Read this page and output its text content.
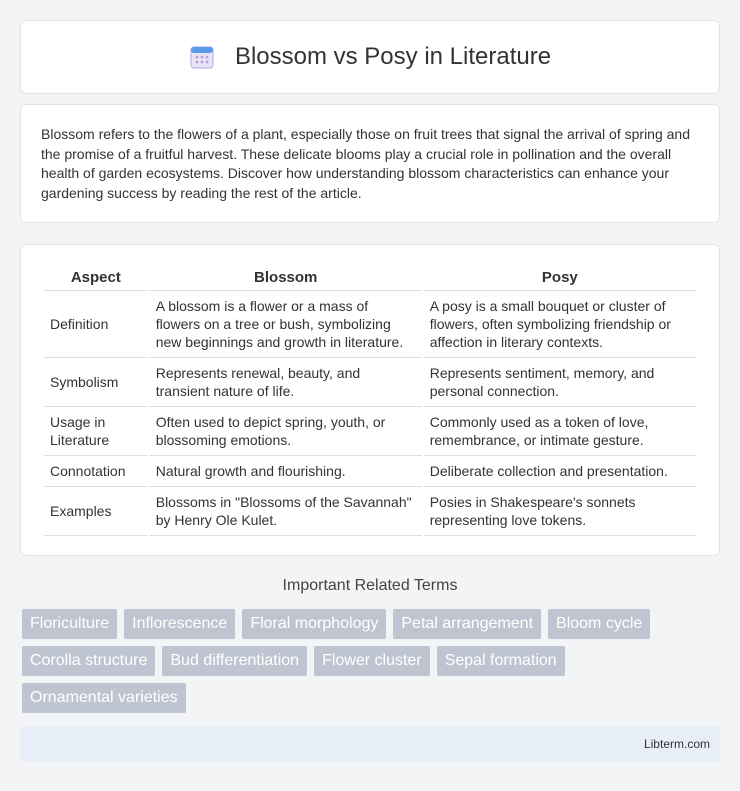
Blossom vs Posy in Literature

Blossom refers to the flowers of a plant, especially those on fruit trees that signal the arrival of spring and the promise of a fruitful harvest. These delicate blooms play a crucial role in pollination and the overall health of garden ecosystems. Discover how understanding blossom characteristics can enhance your gardening success by reading the rest of the article.

Aspect	Blossom	Posy
Definition	A blossom is a flower or a mass of flowers on a tree or bush, symbolizing new beginnings and growth in literature.	A posy is a small bouquet or cluster of flowers, often symbolizing friendship or affection in literary contexts.
Symbolism	Represents renewal, beauty, and transient nature of life.	Represents sentiment, memory, and personal connection.
Usage in Literature	Often used to depict spring, youth, or blossoming emotions.	Commonly used as a token of love, remembrance, or intimate gesture.
Connotation	Natural growth and flourishing.	Deliberate collection and presentation.
Examples	Blossoms in "Blossoms of the Savannah" by Henry Ole Kulet.	Posies in Shakespeare's sonnets representing love tokens.
Important Related Terms
Floriculture	Inflorescence	Floral morphology	Petal arrangement	Bloom cycle
Corolla structure	Bud differentiation	Flower cluster	Sepal formation
Ornamental varieties
Libterm.com
